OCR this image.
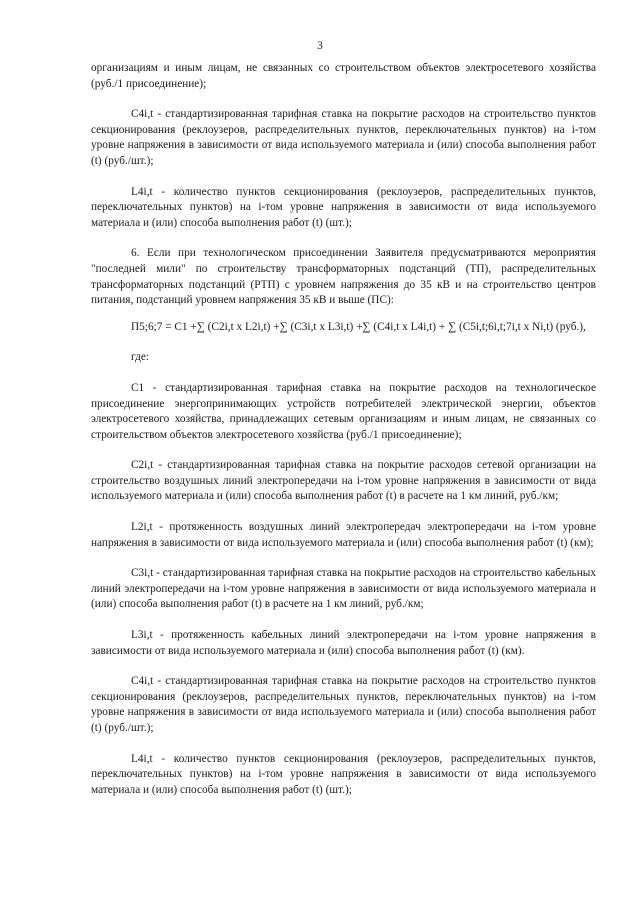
3

организациям и иным лицам, не связанных со строительством объектов электросетевого хозяйства (руб./1 присоединение);

С4i,t - стандартизированная тарифная ставка на покрытие расходов на строительство пунктов секционирования (реклоузеров, распределительных пунктов, переключательных пунктов) на i-том уровне напряжения в зависимости от вида используемого материала и (или) способа выполнения работ (t) (руб./шт.);

L4i,t - количество пунктов секционирования (реклоузеров, распределительных пунктов, переключательных пунктов) на i-том уровне напряжения в зависимости от вида используемого материала и (или) способа выполнения работ (t) (шт.);

6. Если при технологическом присоединении Заявителя предусматриваются мероприятия "последней мили" по строительству трансформаторных подстанций (ТП), распределительных трансформаторных подстанций (РТП) с уровнем напряжения до 35 кВ и на строительство центров питания, подстанций уровнем напряжения 35 кВ и выше (ПС):

П5;6;7 = С1 +∑ (С2i,t x L2i,t) +∑ (С3i,t x L3i,t) +∑ (С4i,t x L4i,t) + ∑ (С5i,t;6i,t;7i,t x Ni,t) (руб.),

где:

С1 - стандартизированная тарифная ставка на покрытие расходов на технологическое присоединение энергопринимающих устройств потребителей электрической энергии, объектов электросетевого хозяйства, принадлежащих сетевым организациям и иным лицам, не связанных со строительством объектов электросетевого хозяйства (руб./1 присоединение);

С2i,t - стандартизированная тарифная ставка на покрытие расходов сетевой организации на строительство воздушных линий электропередачи на i-том уровне напряжения в зависимости от вида используемого материала и (или) способа выполнения работ (t) в расчете на 1 км линий, руб./км;

L2i,t - протяженность воздушных линий электропередач электропередачи на i-том уровне напряжения в зависимости от вида используемого материала и (или) способа выполнения работ (t) (км);

С3i,t - стандартизированная тарифная ставка на покрытие расходов на строительство кабельных линий электропередачи на i-том уровне напряжения в зависимости от вида используемого материала и (или) способа выполнения работ (t) в расчете на 1 км линий, руб./км;

L3i,t - протяженность кабельных линий электропередачи на i-том уровне напряжения в зависимости от вида используемого материала и (или) способа выполнения работ (t) (км).

С4i,t - стандартизированная тарифная ставка на покрытие расходов на строительство пунктов секционирования (реклоузеров, распределительных пунктов, переключательных пунктов) на i-том уровне напряжения в зависимости от вида используемого материала и (или) способа выполнения работ (t) (руб./шт.);

L4i,t - количество пунктов секционирования (реклоузеров, распределительных пунктов, переключательных пунктов) на i-том уровне напряжения в зависимости от вида используемого материала и (или) способа выполнения работ (t) (шт.);
